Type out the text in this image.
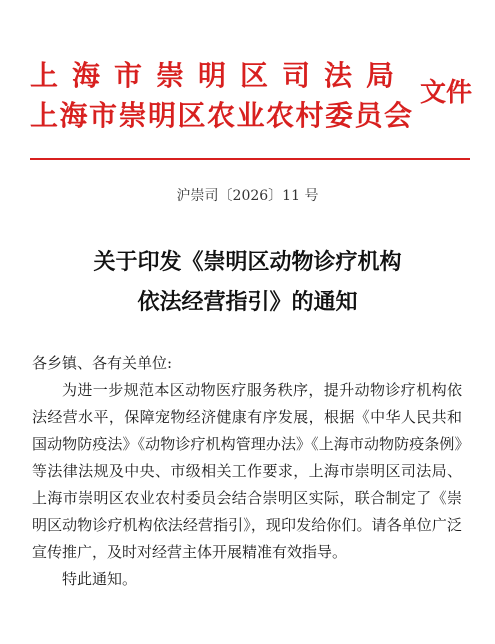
上海市崇明区司法局
上海市崇明区农业农村委员会
文件
沪崇司〔2026〕11 号
关于印发《崇明区动物诊疗机构
依法经营指引》的通知

各乡镇、各有关单位:

为进一步规范本区动物医疗服务秩序，提升动物诊疗机构依法经营水平，保障宠物经济健康有序发展，根据《中华人民共和国动物防疫法》《动物诊疗机构管理办法》《上海市动物防疫条例》等法律法规及中央、市级相关工作要求，上海市崇明区司法局、上海市崇明区农业农村委员会结合崇明区实际，联合制定了《崇明区动物诊疗机构依法经营指引》，现印发给你们。请各单位广泛宣传推广，及时对经营主体开展精准有效指导。

特此通知。
